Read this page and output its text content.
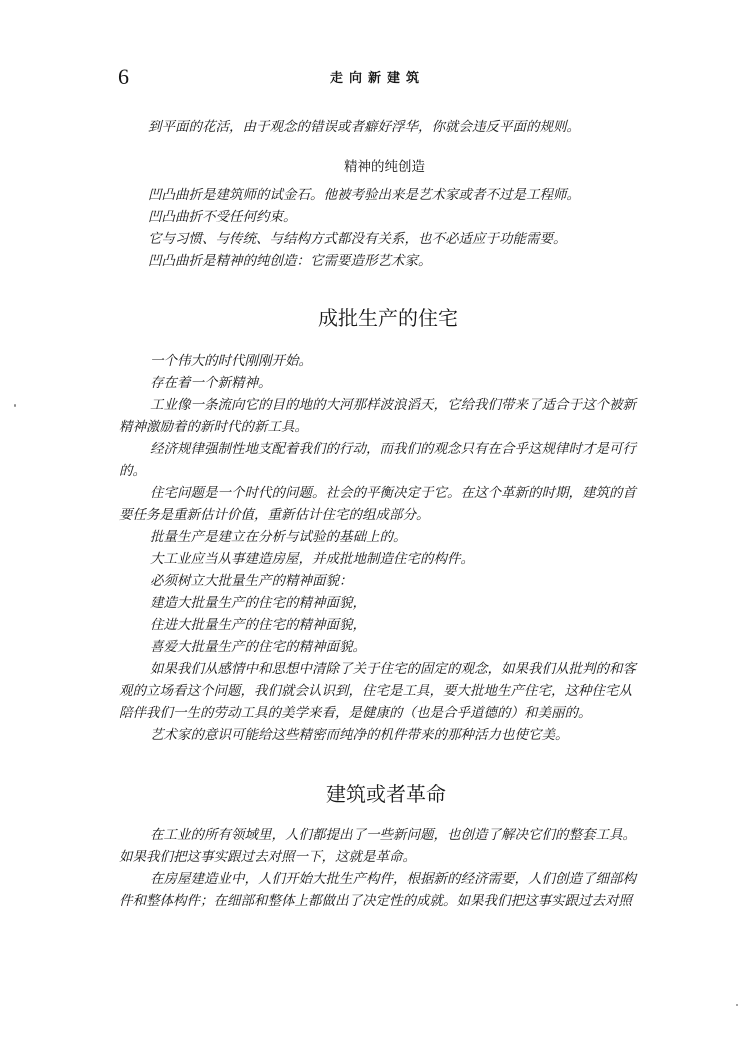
6	走向新建筑
到平面的花活，由于观念的错误或者癖好浮华，你就会违反平面的规则。
精神的纯创造
凹凸曲折是建筑师的试金石。他被考验出来是艺术家或者不过是工程师。
凹凸曲折不受任何约束。
它与习惯、与传统、与结构方式都没有关系，也不必适应于功能需要。
凹凸曲折是精神的纯创造：它需要造形艺术家。
成批生产的住宅
一个伟大的时代刚刚开始。
存在着一个新精神。
工业像一条流向它的目的地的大河那样波浪滔天，它给我们带来了适合于这个被新
精神激励着的新时代的新工具。
经济规律强制性地支配着我们的行动，而我们的观念只有在合乎这规律时才是可行
的。
住宅问题是一个时代的问题。社会的平衡决定于它。在这个革新的时期，建筑的首
要任务是重新估计价值，重新估计住宅的组成部分。
批量生产是建立在分析与试验的基础上的。
大工业应当从事建造房屋，并成批地制造住宅的构件。
必须树立大批量生产的精神面貌：
建造大批量生产的住宅的精神面貌，
住进大批量生产的住宅的精神面貌，
喜爱大批量生产的住宅的精神面貌。
如果我们从感情中和思想中清除了关于住宅的固定的观念，如果我们从批判的和客
观的立场看这个问题，我们就会认识到，住宅是工具，要大批地生产住宅，这种住宅从
陪伴我们一生的劳动工具的美学来看，是健康的（也是合乎道德的）和美丽的。
艺术家的意识可能给这些精密而纯净的机件带来的那种活力也使它美。
建筑或者革命
在工业的所有领域里，人们都提出了一些新问题，也创造了解决它们的整套工具。
如果我们把这事实跟过去对照一下，这就是革命。
在房屋建造业中，人们开始大批生产构件，根据新的经济需要，人们创造了细部构
件和整体构件；在细部和整体上都做出了决定性的成就。如果我们把这事实跟过去对照
